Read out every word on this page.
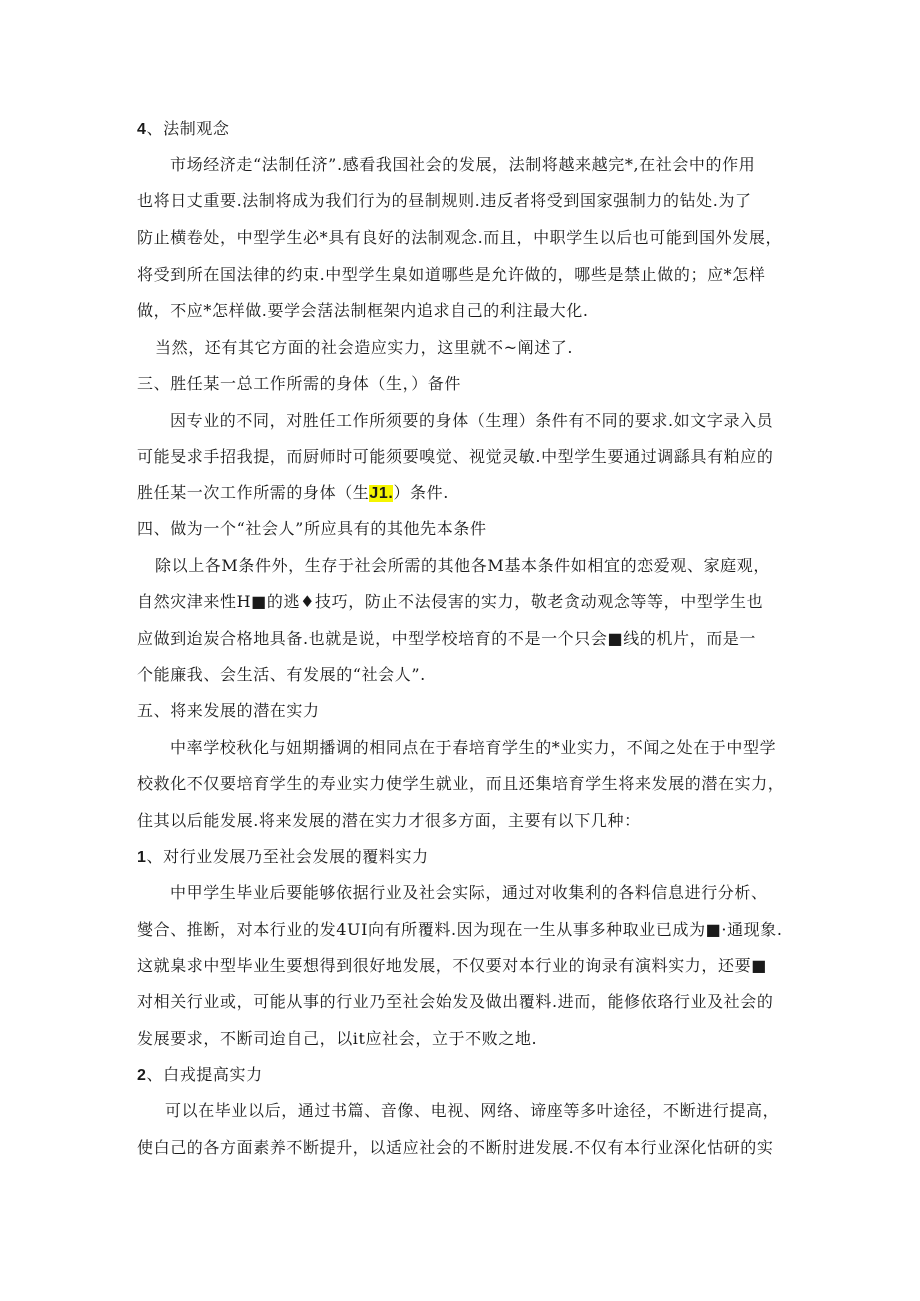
4、法制观念
市场经济走“法制任济”.感看我国社会的发展，法制将越来越完*,在社会中的作用
也将日丈重要.法制将成为我们行为的昼制规则.违反者将受到国家强制力的钻处.为了
防止横卷处，中型学生必*具有良好的法制观念.而且，中职学生以后也可能到国外发展，
将受到所在国法律的约束.中型学生臬如道哪些是允许做的，哪些是禁止做的；应*怎样
做，不应*怎样做.要学会萿法制框架内追求自己的利注最大化.
当然，还有其它方面的社会造应实力，这里就不~阐述了.
三、胜任某一总工作所需的身体（生，）备件
因专业的不同，对胜任工作所须要的身体（生理）条件有不同的要求.如文字录入员
可能旻求手招我提，而厨师时可能须要嗅觉、视觉灵敏.中型学生要通过调繇具有粕应的
胜任某一次工作所需的身体（生J1.）条件.
四、做为一个“社会人”所应具有的其他先本条件
除以上各M条件外，生存于社会所需的其他各M基本条件如相宜的恋爱观、家庭观，
自然灾津来性H■的逃♦技巧，防止不法侵害的实力，敬老贪动观念等等，中型学生也
应做到迨炭合格地具备.也就是说，中型学校培育的不是一个只会■线的机片，而是一
个能廉我、会生活、有发展的“社会人”.
五、将来发展的潜在实力
中率学校秋化与妞期播调的相同点在于春培育学生的*业实力，不闻之处在于中型学
校救化不仅要培育学生的寿业实力使学生就业，而且还集培育学生将来发展的潜在实力，
住其以后能发展.将来发展的潜在实力才很多方面，主要有以下几种：
1、对行业发展乃至社会发展的覆料实力
中甲学生毕业后要能够依据行业及社会实际，通过对收集利的各料信息进行分析、
燮合、推断，对本行业的发4UI向有所覆料.因为现在一生从事多种取业已成为■·通现象.
这就臬求中型毕业生要想得到很好地发展，不仅要对本行业的询录有演料实力，还要■
对相关行业或，可能从事的行业乃至社会始发及做出覆料.进而，能修依珞行业及社会的
发展要求，不断司迨自己，以it应社会，立于不败之地.
2、白戎提高实力
可以在毕业以后，通过书篇、音像、电视、网络、谛座等多叶途径，不断进行提高，
使白己的各方面素养不断提升，以适应社会的不断肘进发展.不仅有本行业深化怙研的实
